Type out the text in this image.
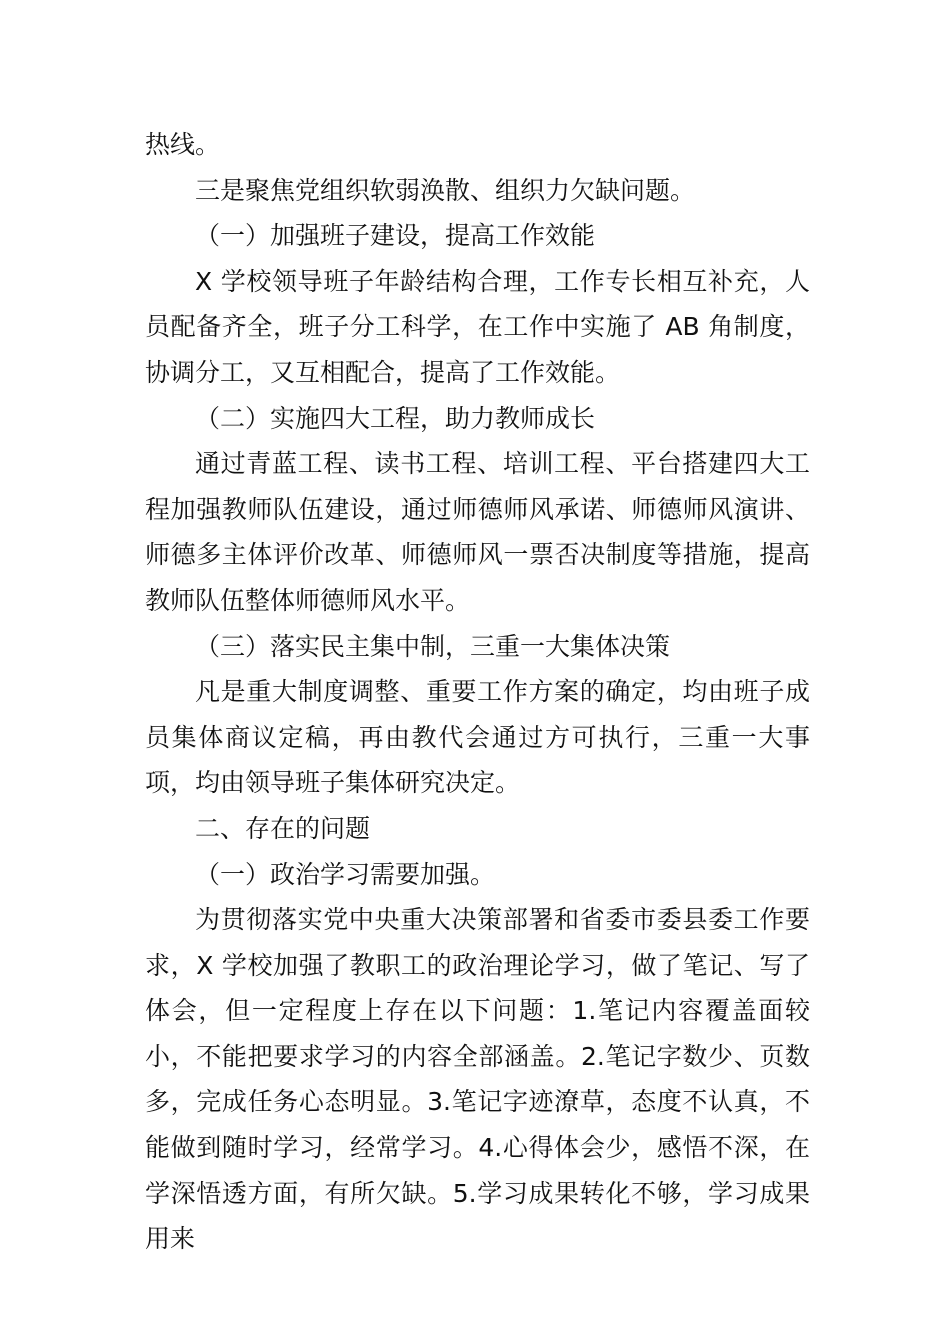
热线。

三是聚焦党组织软弱涣散、组织力欠缺问题。

（一）加强班子建设，提高工作效能

X 学校领导班子年龄结构合理，工作专长相互补充，人员配备齐全，班子分工科学，在工作中实施了 AB 角制度，协调分工，又互相配合，提高了工作效能。

（二）实施四大工程，助力教师成长

通过青蓝工程、读书工程、培训工程、平台搭建四大工程加强教师队伍建设，通过师德师风承诺、师德师风演讲、 师德多主体评价改革、师德师风一票否决制度等措施，提高教师队伍整体师德师风水平。

（三）落实民主集中制，三重一大集体决策

凡是重大制度调整、重要工作方案的确定，均由班子成员集体商议定稿，再由教代会通过方可执行，三重一大事项，均由领导班子集体研究决定。

二、存在的问题

（一）政治学习需要加强。

为贯彻落实党中央重大决策部署和省委市委县委工作要求，X 学校加强了教职工的政治理论学习，做了笔记、写了体会，但一定程度上存在以下问题：1.笔记内容覆盖面较小，不能把要求学习的内容全部涵盖。2.笔记字数少、页数多，完成任务心态明显。3.笔记字迹潦草，态度不认真，不能做到随时学习，经常学习。4.心得体会少，感悟不深，在学深悟透方面，有所欠缺。5.学习成果转化不够，学习成果用来
